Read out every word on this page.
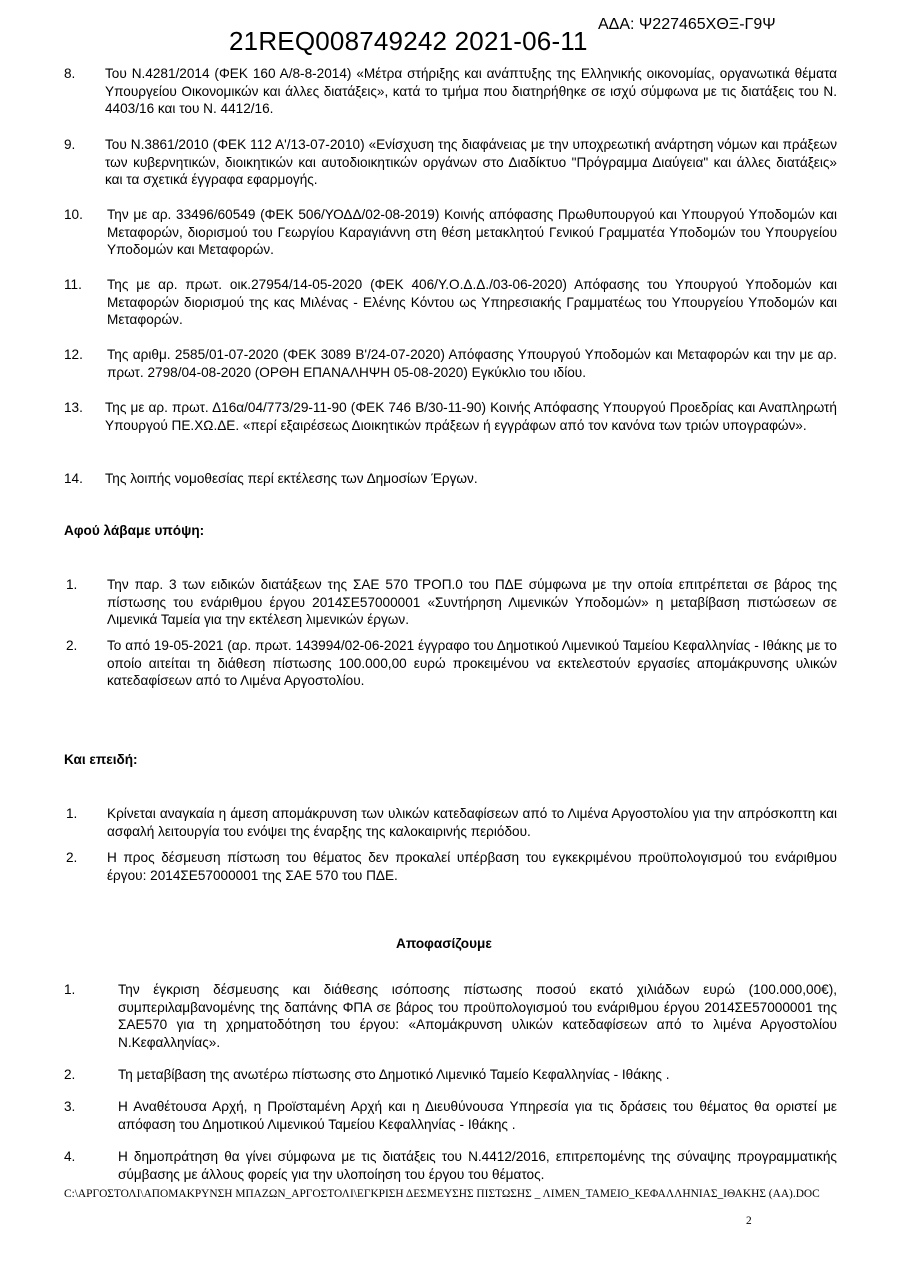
21REQ008749242 2021-06-11
ΑΔΑ: Ψ227465ΧΘΞ-Γ9Ψ
8. Του Ν.4281/2014 (ΦΕΚ 160 Α/8-8-2014) «Μέτρα στήριξης και ανάπτυξης της Ελληνικής οικονομίας, οργανωτικά θέματα Υπουργείου Οικονομικών και άλλες διατάξεις», κατά το τμήμα που διατηρήθηκε σε ισχύ σύμφωνα με τις διατάξεις του Ν. 4403/16 και του Ν. 4412/16.
9. Του Ν.3861/2010 (ΦΕΚ 112 Α'/13-07-2010) «Ενίσχυση της διαφάνειας με την υποχρεωτική ανάρτηση νόμων και πράξεων των κυβερνητικών, διοικητικών και αυτοδιοικητικών οργάνων στο Διαδίκτυο "Πρόγραμμα Διαύγεια" και άλλες διατάξεις» και τα σχετικά έγγραφα εφαρμογής.
10. Την με αρ. 33496/60549 (ΦΕΚ 506/ΥΟΔΔ/02-08-2019) Κοινής απόφασης Πρωθυπουργού και Υπουργού Υποδομών και Μεταφορών, διορισμού του Γεωργίου Καραγιάννη στη θέση μετακλητού Γενικού Γραμματέα Υποδομών του Υπουργείου Υποδομών και Μεταφορών.
11. Της με αρ. πρωτ. οικ.27954/14-05-2020 (ΦΕΚ 406/Υ.Ο.Δ.Δ./03-06-2020) Απόφασης του Υπουργού Υποδομών και Μεταφορών διορισμού της κας Μιλένας - Ελένης Κόντου ως Υπηρεσιακής Γραμματέως του Υπουργείου Υποδομών και Μεταφορών.
12. Της αριθμ. 2585/01-07-2020 (ΦΕΚ 3089 Β'/24-07-2020) Απόφασης Υπουργού Υποδομών και Μεταφορών και την με αρ. πρωτ. 2798/04-08-2020 (ΟΡΘΗ ΕΠΑΝΑΛΗΨΗ 05-08-2020) Εγκύκλιο του ιδίου.
13. Της με αρ. πρωτ. Δ16α/04/773/29-11-90 (ΦΕΚ 746 Β/30-11-90) Κοινής Απόφασης Υπουργού Προεδρίας και Αναπληρωτή Υπουργού ΠΕ.ΧΩ.ΔΕ. «περί εξαιρέσεως Διοικητικών πράξεων ή εγγράφων από τον κανόνα των τριών υπογραφών».
14. Της λοιπής νομοθεσίας περί εκτέλεσης των Δημοσίων Έργων.
Αφού λάβαμε υπόψη:
1. Την παρ. 3 των ειδικών διατάξεων της ΣΑΕ 570 ΤΡΟΠ.0 του ΠΔΕ σύμφωνα με την οποία επιτρέπεται σε βάρος της πίστωσης του ενάριθμου έργου 2014ΣΕ57000001 «Συντήρηση Λιμενικών Υποδομών» η μεταβίβαση πιστώσεων σε Λιμενικά Ταμεία για την εκτέλεση λιμενικών έργων.
2. Το από 19-05-2021 (αρ. πρωτ. 143994/02-06-2021 έγγραφο του Δημοτικού Λιμενικού Ταμείου Κεφαλληνίας - Ιθάκης με το οποίο αιτείται τη διάθεση πίστωσης 100.000,00 ευρώ προκειμένου να εκτελεστούν εργασίες απομάκρυνσης υλικών κατεδαφίσεων από το Λιμένα Αργοστολίου.
Και επειδή:
1. Κρίνεται αναγκαία η άμεση απομάκρυνση των υλικών κατεδαφίσεων από το Λιμένα Αργοστολίου για την απρόσκοπτη και ασφαλή λειτουργία του ενόψει της έναρξης της καλοκαιρινής περιόδου.
2. Η προς δέσμευση πίστωση του θέματος δεν προκαλεί υπέρβαση του εγκεκριμένου προϋπολογισμού του ενάριθμου έργου: 2014ΣΕ57000001 της ΣΑΕ 570 του ΠΔΕ.
Αποφασίζουμε
1.	Την έγκριση δέσμευσης και διάθεσης ισόποσης πίστωσης ποσού εκατό χιλιάδων ευρώ (100.000,00€), συμπεριλαμβανομένης της δαπάνης ΦΠΑ σε βάρος του προϋπολογισμού του ενάριθμου έργου 2014ΣΕ57000001 της ΣΑΕ570 για τη χρηματοδότηση του έργου: «Απομάκρυνση υλικών κατεδαφίσεων από το λιμένα Αργοστολίου Ν.Κεφαλληνίας».
2.	Τη μεταβίβαση της ανωτέρω πίστωσης στο Δημοτικό Λιμενικό Ταμείο Κεφαλληνίας - Ιθάκης .
3.	Η Αναθέτουσα Αρχή, η Προϊσταμένη Αρχή και η Διευθύνουσα Υπηρεσία για τις δράσεις του θέματος θα οριστεί με απόφαση του Δημοτικού Λιμενικού Ταμείου Κεφαλληνίας - Ιθάκης .
4.	Η δημοπράτηση θα γίνει σύμφωνα με τις διατάξεις του Ν.4412/2016, επιτρεπομένης της σύναψης προγραμματικής σύμβασης με άλλους φορείς για την υλοποίηση του έργου του θέματος.
C:\ΑΡΓΟΣΤΟΛΙ\ΑΠΟΜΑΚΡΥΝΣΗ ΜΠΑΖΩΝ_ΑΡΓΟΣΤΟΛΙ\ΕΓΚΡΙΣΗ ΔΕΣΜΕΥΣΗΣ ΠΙΣΤΩΣΗΣ _ ΛΙΜΕΝ_ΤΑΜΕΙΟ_ΚΕΦΑΛΛΗΝΙΑΣ_ΙΘΑΚΗΣ (ΑΑ).DOC
2
